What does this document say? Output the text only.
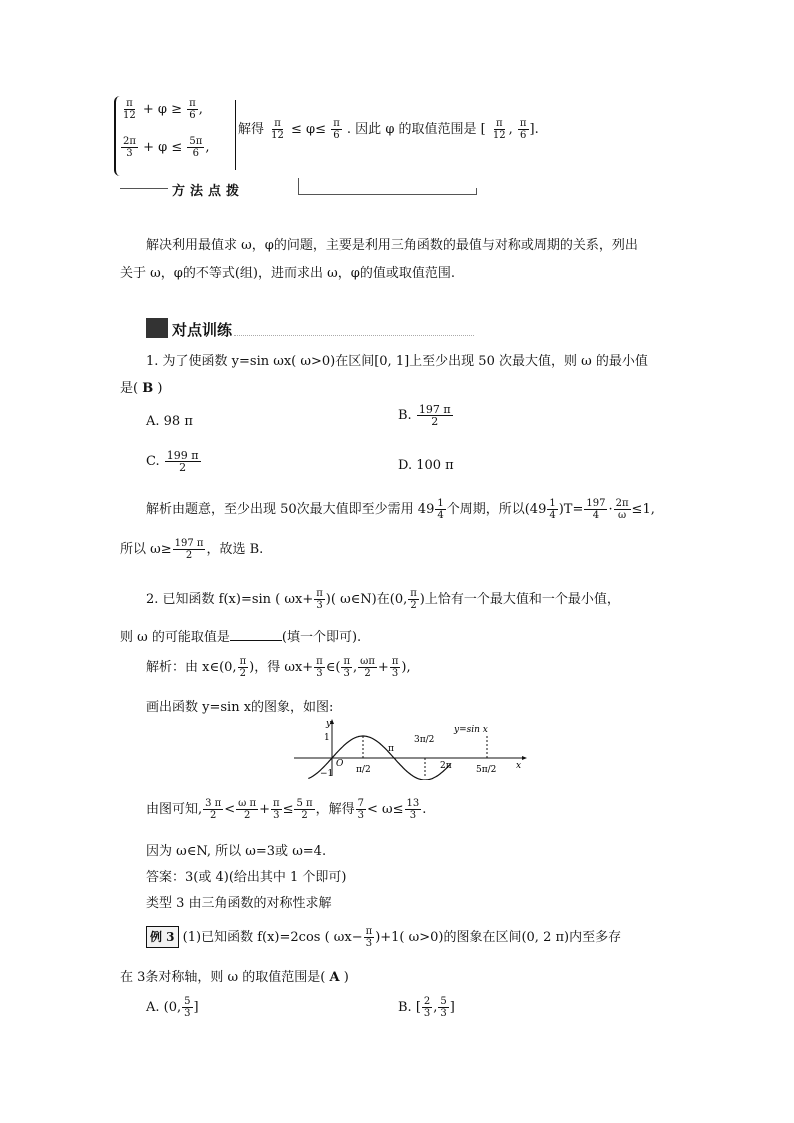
$\frac{\pi}{12} + \varphi \ge \frac{\pi}{6}$ ,
$\frac{2\pi}{3} + \varphi \le \frac{5\pi}{6}$ ,
解得 $\frac{\pi}{12} \le \varphi\le \frac{\pi}{6}$ . 因此 φ 的取值范围是 [ $\frac{\pi}{12}$ , $\frac{\pi}{6}$ ].
方法点拨
解决利用最值求 ω，φ的问题，主要是利用三角函数的最值与对称或周期的关系，列出
关于 ω，φ的不等式(组)，进而求出 ω，φ的值或取值范围.
对点训练
1. 为了使函数 y=sin ωx( ω>0)在区间[0, 1]上至少出现 50 次最大值，则 ω 的最小值
是( B )
A. 98 π	B. $\frac{197 \pi}{2}$
C. $\frac{199 \pi}{2}$	D. 100 π
解析由题意，至少出现 50次最大值即至少需用 $49 \frac{1}{4}$ 个周期，所以$(49 \frac{1}{4} )T= \frac{197}{4} \cdot \frac{2\pi}{\omega} \le 1$,
所以 $\omega\ge \frac{197 \pi}{2}$ ，故选 B.
2. 已知函数 f(x)=sin ( $\omega x+ \frac{\pi}{3}$ )( ω∈N)在(0, $\frac{\pi}{2}$ )上恰有一个最大值和一个最小值，
则 ω 的可能取值是	(填一个即可).
解析：由 x∈(0, $\frac{\pi}{2}$ )，得 $\omega x+ \frac{\pi}{3}$ ∈( $\frac{\pi}{3}$ , $\frac{\omega\pi}{2} + \frac{\pi}{3}$ ),
画出函数 y=sin x的图象，如图:
1
−1
O
y
x
π/2
π
3π/2
2π	5π/2
y=sin x
由图可知, $\frac{3 \pi}{2} < \frac{\text{ω π}}{2} + \frac{\pi}{3} \le \frac{5 \pi}{2}$ ，解得 $\frac{7}{3} < \omega\le \frac{13}{3}$ .
因为 ω∈N, 所以 ω=3或 ω=4.
答案：3(或 4)(给出其中 1 个即可)
类型 3 由三角函数的对称性求解
例 3 (1)已知函数 f(x)=2cos ( $\omega x- \frac{\pi}{3} )+1$( ω>0)的图象在区间(0, 2 π)内至多存
在 3条对称轴，则 ω 的取值范围是( A )
A. (0, $\frac{5}{3}$ ]	B. [ $\frac{2}{3}$ , $\frac{5}{3}$ ]
